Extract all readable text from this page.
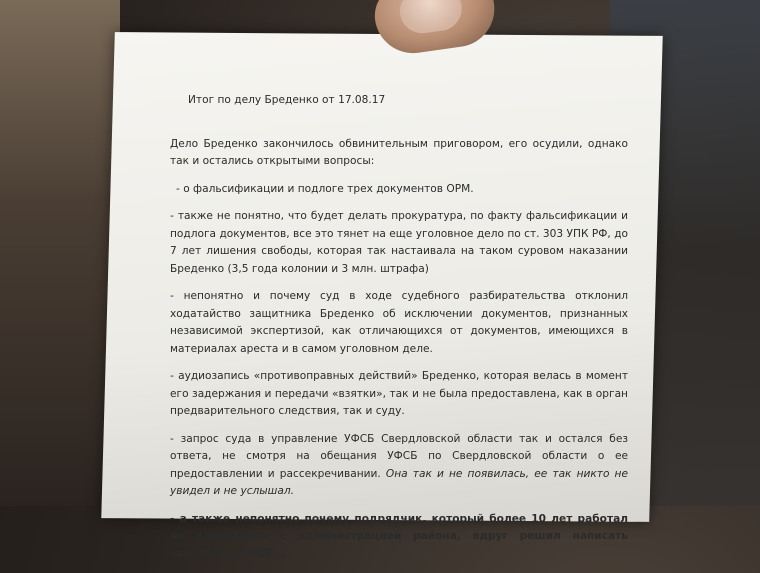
Итог по делу Бреденко от 17.08.17

Дело Бреденко закончилось обвинительным приговором, его осудили, однако так и остались открытыми вопросы:

- о фальсификации и подлоге трех документов ОРМ.

- также не понятно, что будет делать прокуратура, по факту фальсификации и подлога документов, все это тянет на еще уголовное дело по ст. 303 УПК РФ, до 7 лет лишения свободы, которая так настаивала на таком суровом наказании Бреденко (3,5 года колонии и 3 млн. штрафа)

- непонятно и почему суд в ходе судебного разбирательства отклонил ходатайство защитника Бреденко об исключении документов, признанных независимой экспертизой, как отличающихся от документов, имеющихся в материалах ареста и в самом уголовном деле.

- аудиозапись «противоправных действий» Бреденко, которая велась в момент его задержания и передачи «взятки», так и не была предоставлена, как в орган предварительного следствия, так и суду.

- запрос суда в управление УФСБ Свердловской области так и остался без ответа, не смотря на обещания УФСБ по Свердловской области о ее предоставлении и рассекречивании. Она так и не появилась, ее так никто не увидел и не услышал.

- а также непонятно почему подрядчик, который более 10 лет работал по контрактам с администрацией района, вдруг решил написать заявление в ФСБ...
